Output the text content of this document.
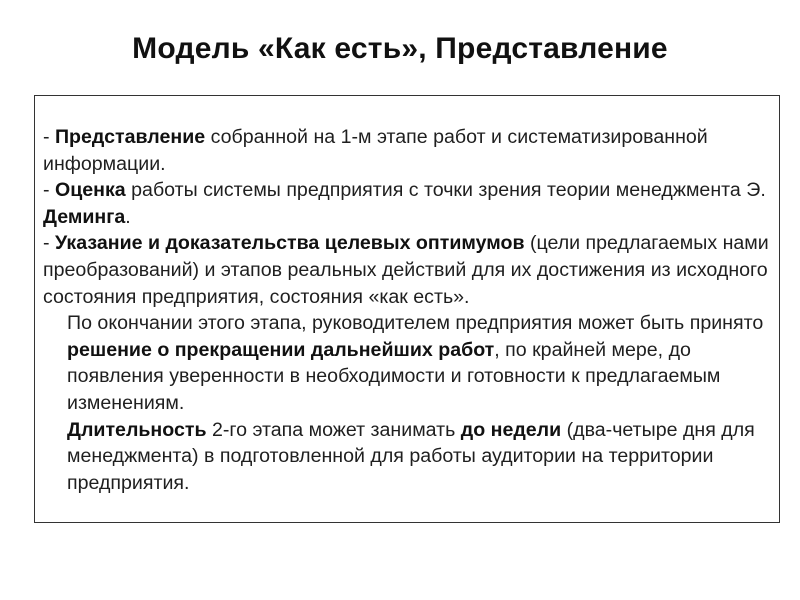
Модель «Как есть», Представление

- Представление собранной на 1-м этапе работ и систематизированной информации.

- Оценка работы системы предприятия с точки зрения теории менеджмента Э. Деминга.

- Указание и доказательства целевых оптимумов (цели предлагаемых нами преобразований) и этапов реальных действий для их достижения из исходного состояния предприятия, состояния «как есть».

По окончании этого этапа, руководителем предприятия может быть принято решение о прекращении дальнейших работ, по крайней мере, до появления уверенности в необходимости и готовности к предлагаемым изменениям.

Длительность 2-го этапа может занимать до недели (два-четыре дня для менеджмента) в подготовленной для работы аудитории на территории предприятия.
